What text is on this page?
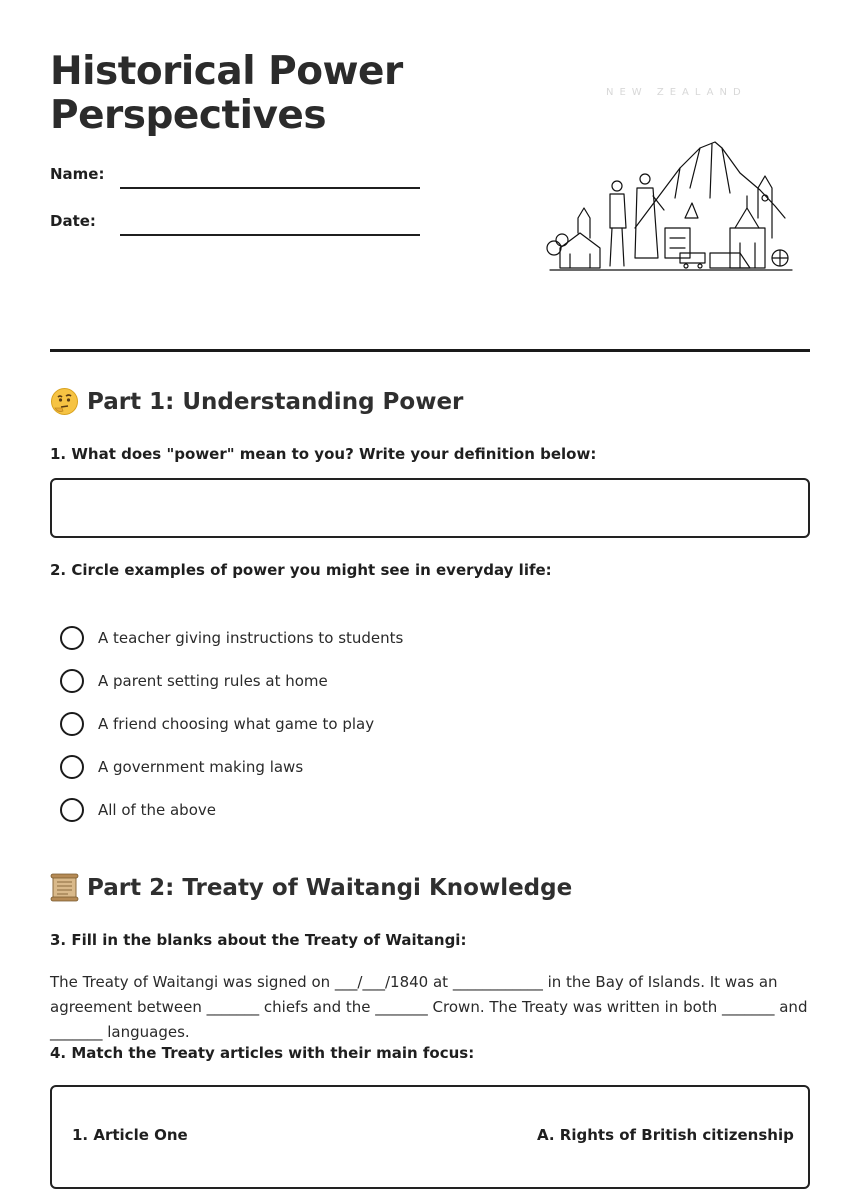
Historical Power Perspectives
Name:
Date:
NEW ZEALAND
Part 1: Understanding Power
1. What does "power" mean to you? Write your definition below:
2. Circle examples of power you might see in everyday life:
A teacher giving instructions to students
A parent setting rules at home
A friend choosing what game to play
A government making laws
All of the above
Part 2: Treaty of Waitangi Knowledge
3. Fill in the blanks about the Treaty of Waitangi:
The Treaty of Waitangi was signed on ___/___/1840 at ____________ in the Bay of Islands. It was an agreement between _______ chiefs and the _______ Crown. The Treaty was written in both _______ and _______ languages.
4. Match the Treaty articles with their main focus:
1. Article One	A. Rights of British citizenship
